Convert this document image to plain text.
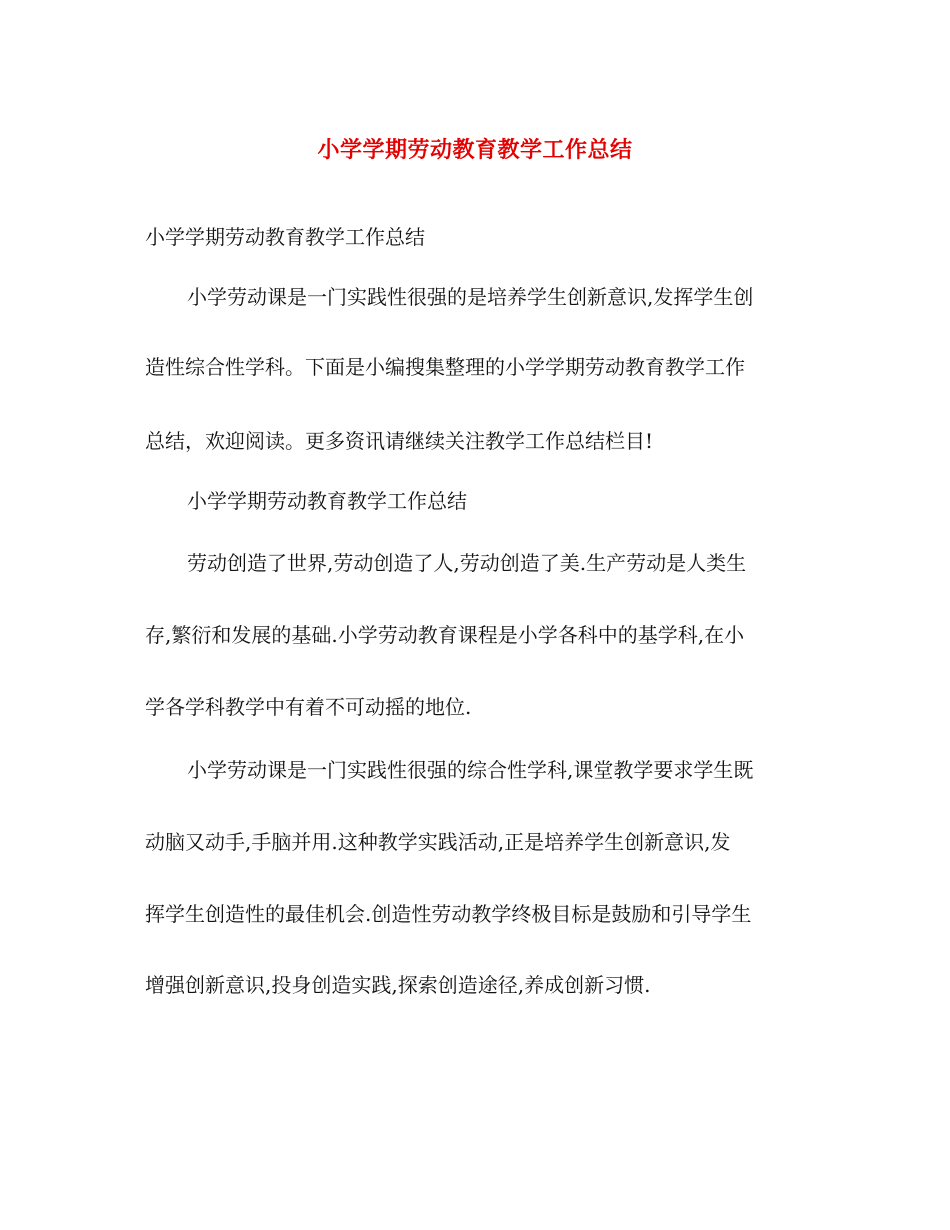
小学学期劳动教育教学工作总结
小学学期劳动教育教学工作总结
小学劳动课是一门实践性很强的是培养学生创新意识,发挥学生创
造性综合性学科。下面是小编搜集整理的小学学期劳动教育教学工作
总结，欢迎阅读。更多资讯请继续关注教学工作总结栏目!
小学学期劳动教育教学工作总结
劳动创造了世界,劳动创造了人,劳动创造了美.生产劳动是人类生
存,繁衍和发展的基础.小学劳动教育课程是小学各科中的基学科,在小
学各学科教学中有着不可动摇的地位.
小学劳动课是一门实践性很强的综合性学科,课堂教学要求学生既
动脑又动手,手脑并用.这种教学实践活动,正是培养学生创新意识,发
挥学生创造性的最佳机会.创造性劳动教学终极目标是鼓励和引导学生
增强创新意识,投身创造实践,探索创造途径,养成创新习惯.
